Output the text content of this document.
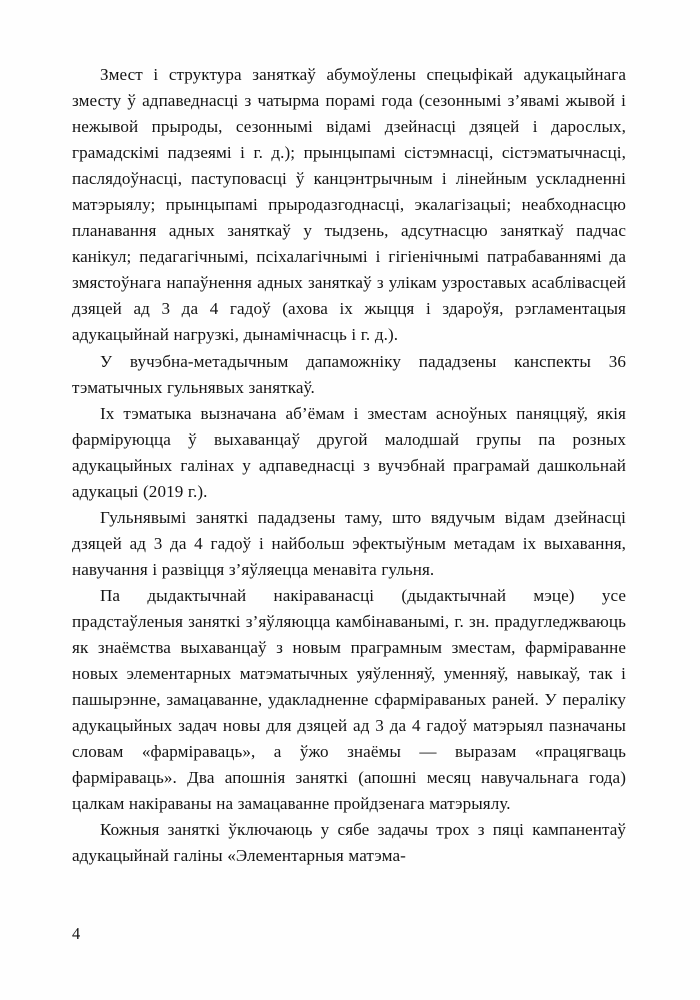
Змест і структура заняткаў абумоўлены спецыфікай адукацыйнага зместу ў адпаведнасці з чатырма порамі года (сезоннымі з’явамі жывой і нежывой прыроды, сезоннымі відамі дзейнасці дзяцей і дарослых, грамадскімі падзеямі і г. д.); прынцыпамі сістэмнасці, сістэматычнасці, паслядоўнасці, паступовасці ў канцэнтрычным і лінейным ускладненні матэрыялу; прынцыпамі прыродазгоднасці, экалагізацыі; неабходнасцю планавання адных заняткаў у тыдзень, адсутнасцю заняткаў падчас канікул; педагагічнымі, псіхалагічнымі і гігіенічнымі патрабаваннямі да змястоўнага напаўнення адных заняткаў з улікам узроставых асаблівасцей дзяцей ад 3 да 4 гадоў (ахова іх жыцця і здароўя, рэгламентацыя адукацыйнай нагрузкі, дынамічнасць і г. д.).

У вучэбна-метадычным дапаможніку пададзены канспекты 36 тэматычных гульнявых заняткаў.

Іх тэматыка вызначана аб’ёмам і зместам асноўных паняццяў, якія фарміруюцца ў выхаванцаў другой малодшай групы па розных адукацыйных галінах у адпаведнасці з вучэбнай праграмай дашкольнай адукацыі (2019 г.).

Гульнявымі заняткі пададзены таму, што вядучым відам дзейнасці дзяцей ад 3 да 4 гадоў і найбольш эфектыўным метадам іх выхавання, навучання і развіцця з’яўляецца менавіта гульня.

Па дыдактычнай накіраванасці (дыдактычнай мэце) усе прадстаўленыя заняткі з’яўляюцца камбінаванымі, г. зн. прадугледжваюць як знаёмства выхаванцаў з новым праграмным зместам, фарміраванне новых элементарных матэматычных уяўленняў, уменняў, навыкаў, так і пашырэнне, замацаванне, удакладненне сфарміраваных раней. У пераліку адукацыйных задач новы для дзяцей ад 3 да 4 гадоў матэрыял пазначаны словам «фарміраваць», а ўжо знаёмы — выразам «працягваць фарміраваць». Два апошнія заняткі (апошні месяц навучальнага года) цалкам накіраваны на замацаванне пройдзенага матэрыялу.

Кожныя заняткі ўключаюць у сябе задачы трох з пяці кампанентаў адукацыйнай галіны «Элементарныя матэма-

4
